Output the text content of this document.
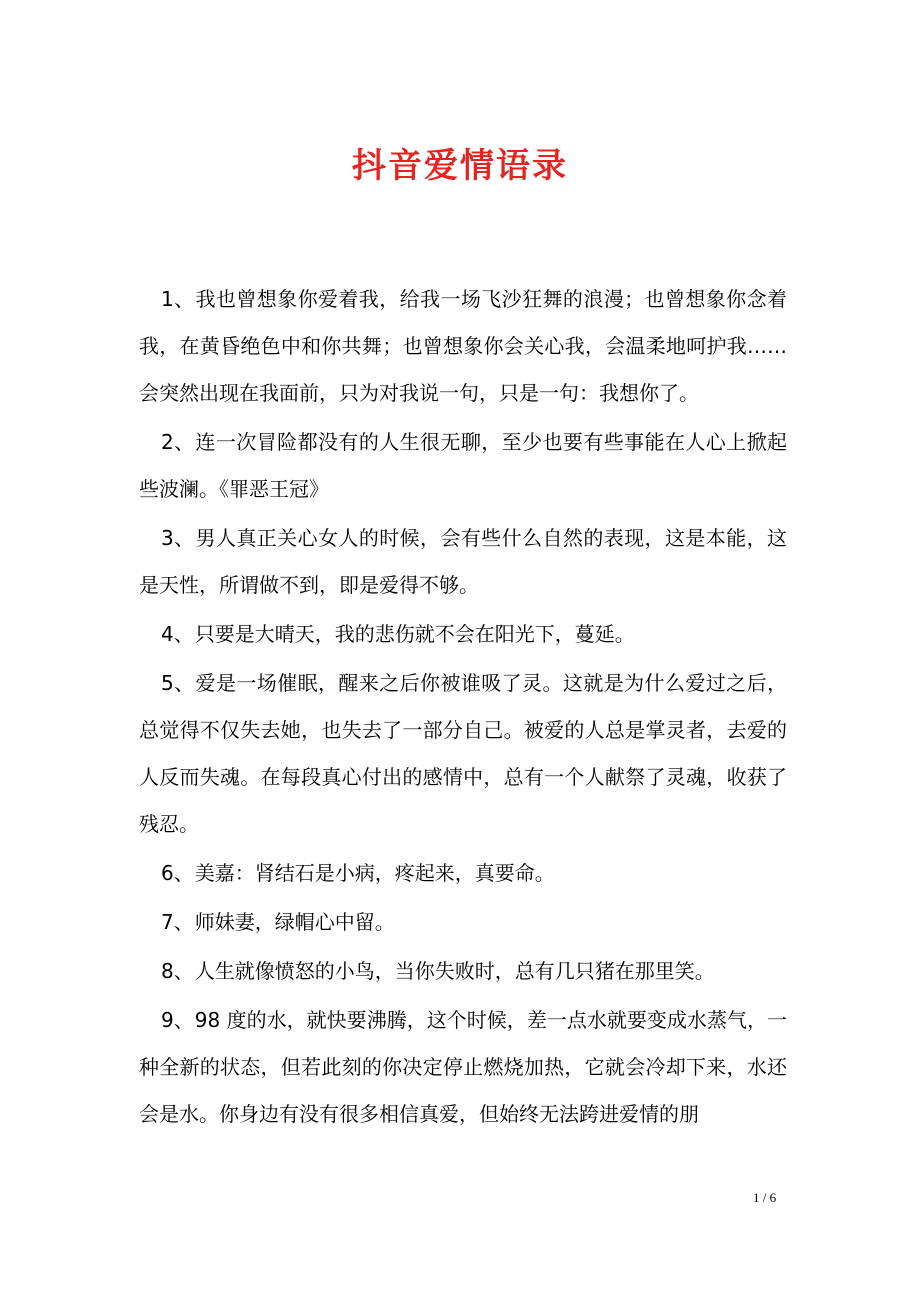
抖音爱情语录

1、我也曾想象你爱着我，给我一场飞沙狂舞的浪漫；也曾想象你念着我，在黄昏绝色中和你共舞；也曾想象你会关心我，会温柔地呵护我……会突然出现在我面前，只为对我说一句，只是一句：我想你了。

2、连一次冒险都没有的人生很无聊，至少也要有些事能在人心上掀起些波澜。《罪恶王冠》

3、男人真正关心女人的时候，会有些什么自然的表现，这是本能，这是天性，所谓做不到，即是爱得不够。

4、只要是大晴天，我的悲伤就不会在阳光下，蔓延。

5、爱是一场催眠，醒来之后你被谁吸了灵。这就是为什么爱过之后，总觉得不仅失去她，也失去了一部分自己。被爱的人总是掌灵者，去爱的人反而失魂。在每段真心付出的感情中，总有一个人献祭了灵魂，收获了残忍。

6、美嘉：肾结石是小病，疼起来，真要命。

7、师妹妻，绿帽心中留。

8、人生就像愤怒的小鸟，当你失败时，总有几只猪在那里笑。

9、98 度的水，就快要沸腾，这个时候，差一点水就要变成水蒸气，一种全新的状态，但若此刻的你决定停止燃烧加热，它就会冷却下来，水还会是水。你身边有没有很多相信真爱，但始终无法跨进爱情的朋

1 / 6
